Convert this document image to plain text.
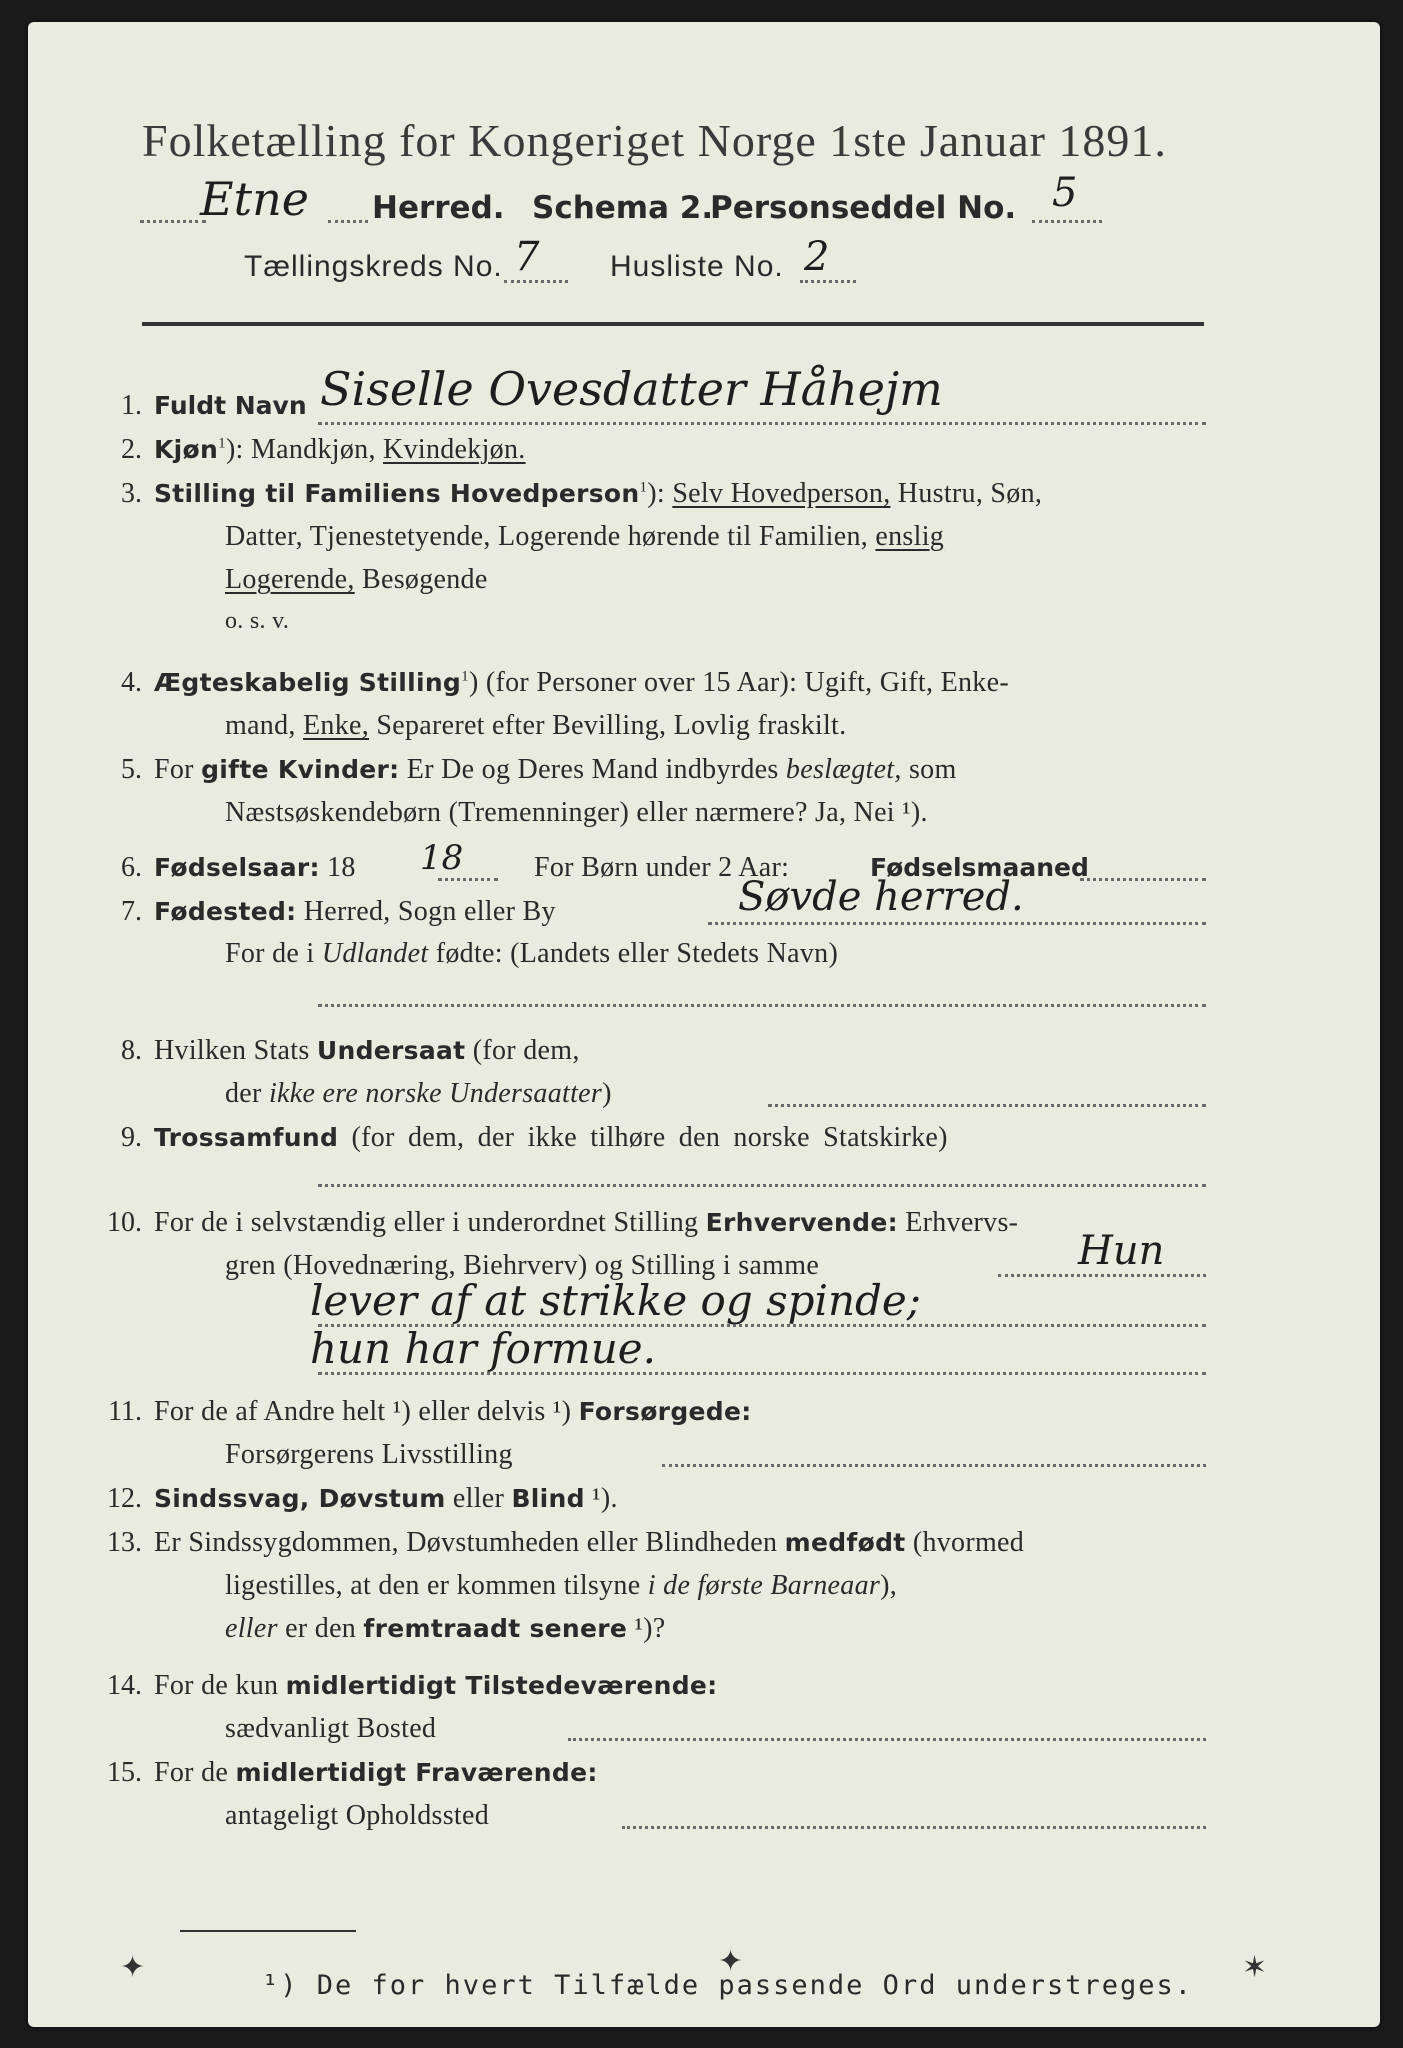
Folketælling for Kongeriget Norge 1ste Januar 1891.
Etne Herred. Schema 2.
Personseddel No. 5
Tællingskreds No. 7 Husliste No. 2
1. Fuldt Navn Siselle Ovesdatter Håhejm
2. Kjøn$^1$): Mandkjøn, Kvindekjøn.
3. Stilling til Familiens Hovedperson$^1$): Selv Hovedperson, Hustru, Søn,
Datter, Tjenestetyende, Logerende hørende til Familien, enslig
Logerende, Besøgende
o. s. v.
4. Ægteskabelig Stilling$^1$) (for Personer over 15 Aar): Ugift, Gift, Enke-
mand, Enke, Separeret efter Bevilling, Lovlig fraskilt.
5. For gifte Kvinder: Er De og Deres Mand indbyrdes beslægtet, som
Næstsøskendebørn (Tremenninger) eller nærmere? Ja, Nei ¹).
6. Fødselsaar: 18 18	For Børn under 2 Aar:	Fødselsmaaned
7. Fødested: Herred, Sogn eller By	Søvde herred.
For de i Udlandet fødte: (Landets eller Stedets Navn)
8. Hvilken Stats Undersaat (for dem,
der ikke ere norske Undersaatter)
9. Trossamfund (for dem, der ikke tilhøre den norske Statskirke)
10. For de i selvstændig eller i underordnet Stilling Erhvervende: Erhvervs-
gren (Hovednæring, Biehrverv) og Stilling i samme	Hun
lever af at strikke og spinde;
hun har formue.
11. For de af Andre helt ¹) eller delvis ¹) Forsørgede:
Forsørgerens Livsstilling
12. Sindssvag, Døvstum eller Blind ¹).
13. Er Sindssygdommen, Døvstumheden eller Blindheden medfødt (hvormed
ligestilles, at den er kommen tilsyne i de første Barneaar),
eller er den fremtraadt senere ¹)?
14. For de kun midlertidigt Tilstedeværende:
sædvanligt Bosted
15. For de midlertidigt Fraværende:
antageligt Opholdssted
¹) De for hvert Tilfælde passende Ord understreges.
✦	✦	✶
